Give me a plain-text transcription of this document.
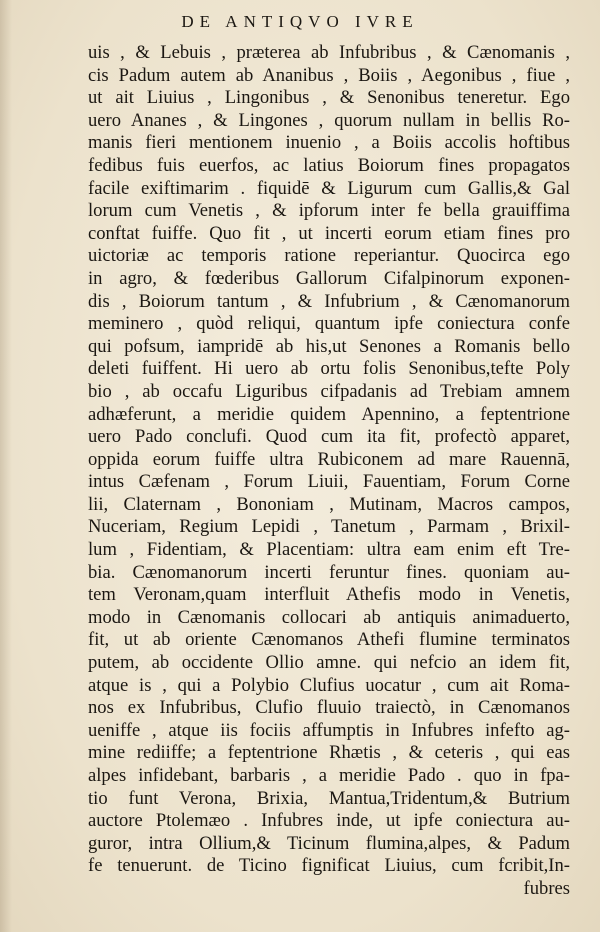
DE ANTIQVO IVRE
uis , & Lebuis , præterea ab Infubribus , & Cænomanis ,
cis Padum autem ab Ananibus , Boiis , Aegonibus , fiue ,
ut ait Liuius , Lingonibus , & Senonibus teneretur. Ego
uero Ananes , & Lingones , quorum nullam in bellis Ro-
manis fieri mentionem inuenio , a Boiis accolis hoftibus
fedibus fuis euerfos, ac latius Boiorum fines propagatos
facile exiftimarim . fiquidē & Ligurum cum Gallis,& Gal
lorum cum Venetis , & ipforum inter fe bella grauiffima
conftat fuiffe. Quo fit , ut incerti eorum etiam fines pro
uictoriæ ac temporis ratione reperiantur. Quocirca ego
in agro, & fœderibus Gallorum Cifalpinorum exponen-
dis , Boiorum tantum , & Infubrium , & Cænomanorum
meminero , quòd reliqui, quantum ipfe coniectura confe
qui pofsum, iampridē ab his,ut Senones a Romanis bello
deleti fuiffent. Hi uero ab ortu folis Senonibus,tefte Poly
bio , ab occafu Liguribus cifpadanis ad Trebiam amnem
adhæferunt, a meridie quidem Apennino, a feptentrione
uero Pado conclufi. Quod cum ita fit, profectò apparet,
oppida eorum fuiffe ultra Rubiconem ad mare Rauennā,
intus Cæfenam , Forum Liuii, Fauentiam, Forum Corne
lii, Claternam , Bononiam , Mutinam, Macros campos,
Nuceriam, Regium Lepidi , Tanetum , Parmam , Brixil-
lum , Fidentiam, & Placentiam: ultra eam enim eft Tre-
bia. Cænomanorum incerti feruntur fines. quoniam au-
tem Veronam,quam interfluit Athefis modo in Venetis,
modo in Cænomanis collocari ab antiquis animaduerto,
fit, ut ab oriente Cænomanos Athefi flumine terminatos
putem, ab occidente Ollio amne. qui nefcio an idem fit,
atque is , qui a Polybio Clufius uocatur , cum ait Roma-
nos ex Infubribus, Clufio fluuio traiectò, in Cænomanos
ueniffe , atque iis fociis affumptis in Infubres infefto ag-
mine rediiffe; a feptentrione Rhætis , & ceteris , qui eas
alpes infidebant, barbaris , a meridie Pado . quo in fpa-
tio funt Verona, Brixia, Mantua,Tridentum,& Butrium
auctore Ptolemæo . Infubres inde, ut ipfe coniectura au-
guror, intra Ollium,& Ticinum flumina,alpes, & Padum
fe tenuerunt. de Ticino fignificat Liuius, cum fcribit,In-
fubres
